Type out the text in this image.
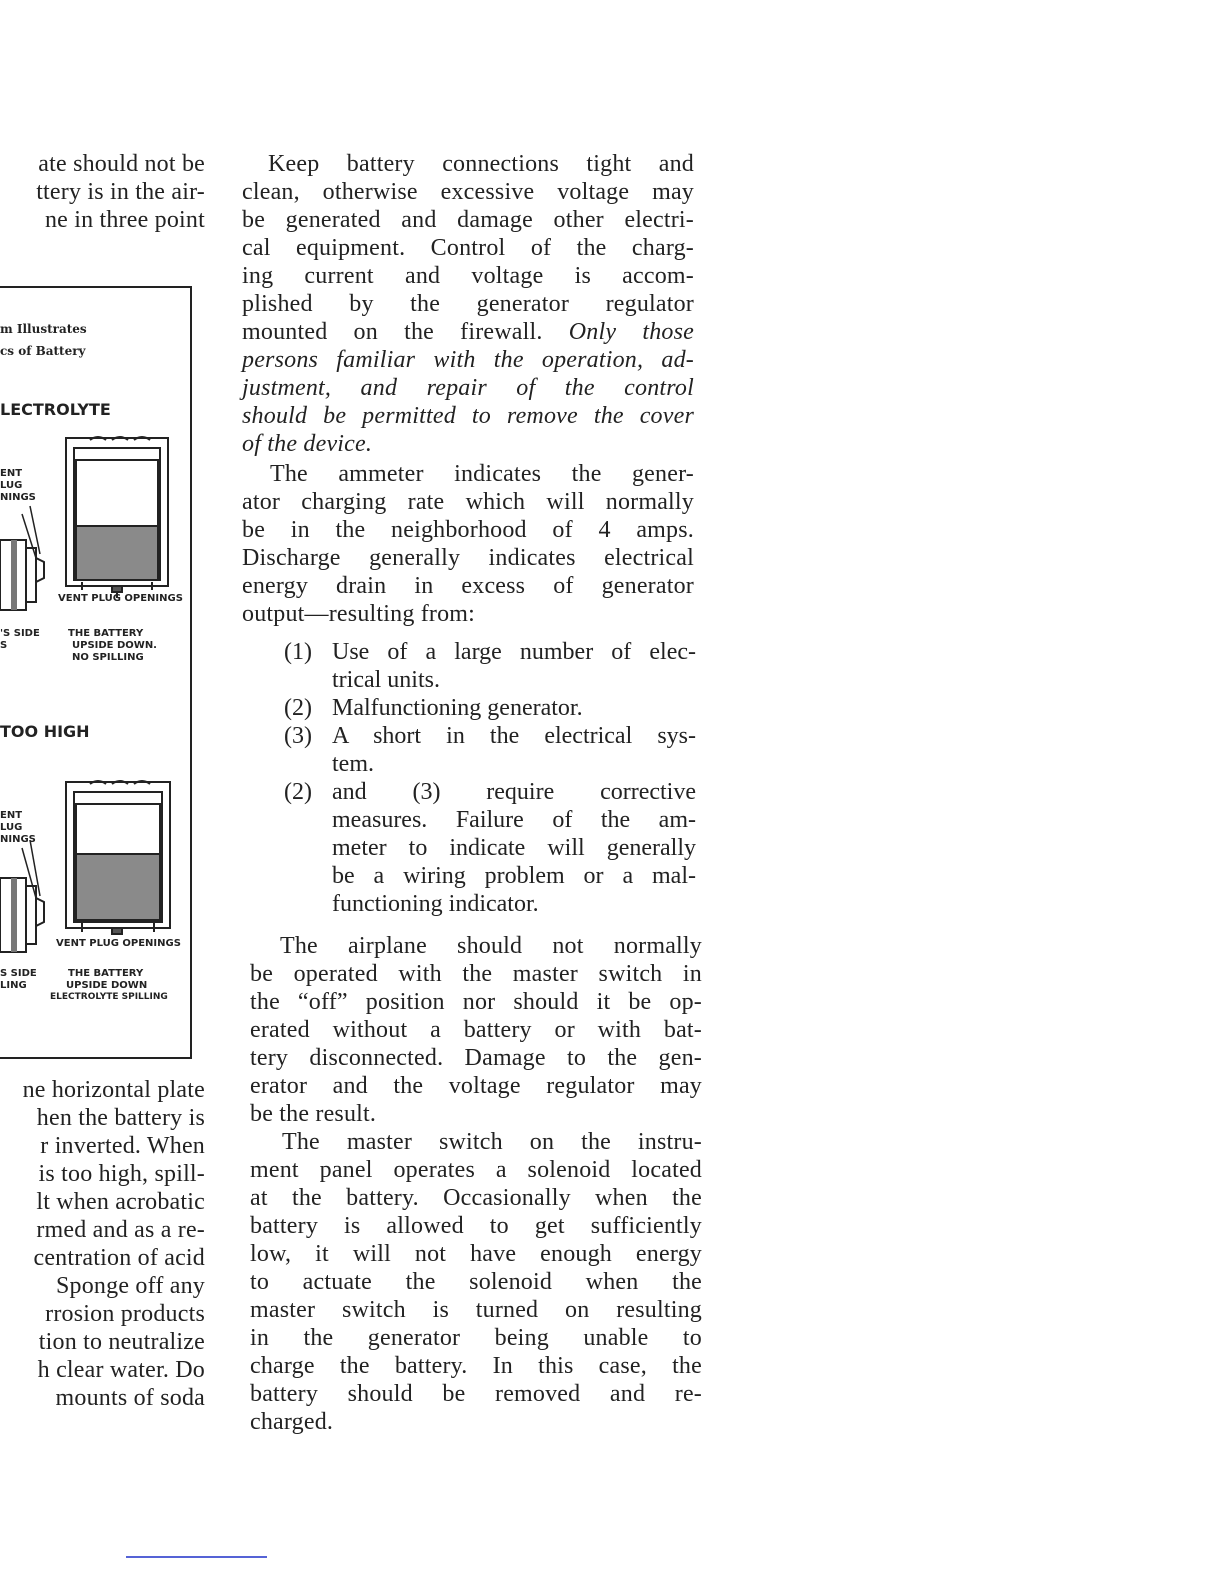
ate should not be
ttery is in the air-
ne in three point
ne horizontal plate
hen the battery is
r inverted. When
is too high, spill-
lt when acrobatic
rmed and as a re-
centration of acid
Sponge off any
rrosion products
tion to neutralize
h clear water. Do
mounts of soda
m Illustrates
cs of Battery
LECTROLYTE
ENT
LUG
NINGS
VENT PLUG OPENINGS
'S SIDE
S
THE BATTERY
UPSIDE DOWN.
NO SPILLING
TOO HIGH
ENT
LUG
NINGS
VENT PLUG OPENINGS
S SIDE
LING
THE BATTERY
UPSIDE DOWN
ELECTROLYTE SPILLING
Keep battery connections tight and
clean, otherwise excessive voltage may
be generated and damage other electri-
cal equipment. Control of the charg-
ing current and voltage is accom-
plished by the generator regulator
mounted on the firewall. Only those
persons familiar with the operation, ad-
justment, and repair of the control
should be permitted to remove the cover
of the device.
The ammeter indicates the gener-
ator charging rate which will normally
be in the neighborhood of 4 amps.
Discharge generally indicates electrical
energy drain in excess of generator
output—resulting from:
(1) Use of a large number of elec-
trical units.
(2) Malfunctioning generator.
(3) A short in the electrical sys-
tem.
(2) and (3) require corrective
measures. Failure of the am-
meter to indicate will generally
be a wiring problem or a mal-
functioning indicator.
The airplane should not normally
be operated with the master switch in
the “off” position nor should it be op-
erated without a battery or with bat-
tery disconnected. Damage to the gen-
erator and the voltage regulator may
be the result.
The master switch on the instru-
ment panel operates a solenoid located
at the battery. Occasionally when the
battery is allowed to get sufficiently
low, it will not have enough energy
to actuate the solenoid when the
master switch is turned on resulting
in the generator being unable to
charge the battery. In this case, the
battery should be removed and re-
charged.
